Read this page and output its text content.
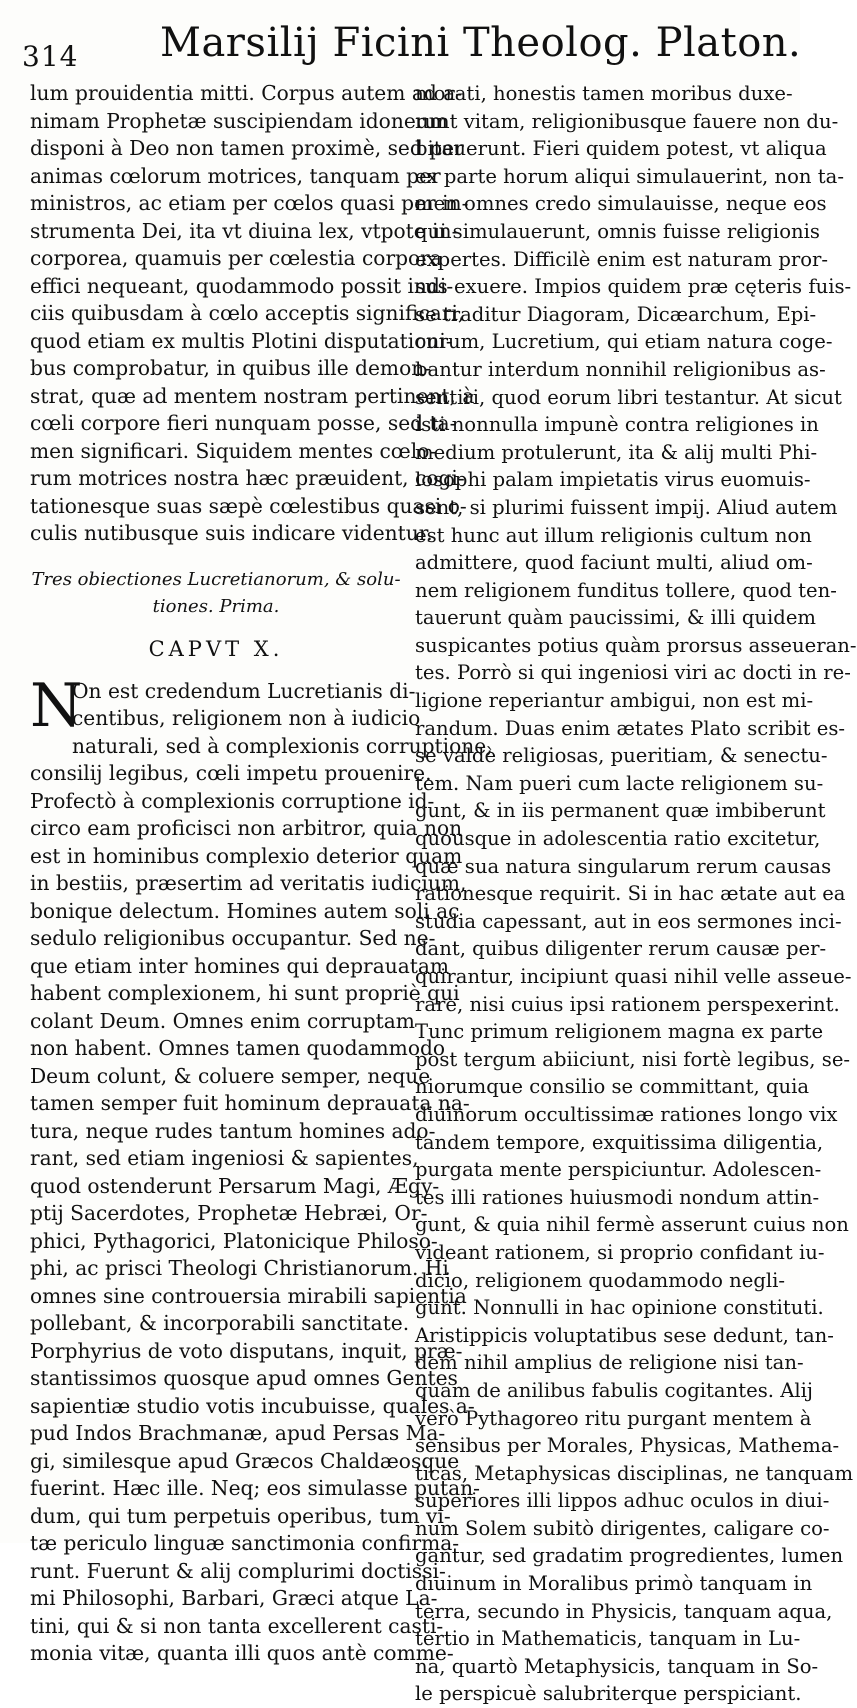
314 Marsilij Ficini Theolog. Platon.
lum prouidentia mitti. Corpus autem ad a-
nimam Prophetæ suscipiendam idoneum
disponi à Deo non tamen proximè, sed per
animas cœlorum motrices, tanquam per
ministros, ac etiam per cœlos quasi per in-
strumenta Dei, ita vt diuina lex, vtpote in-
corporea, quamuis per cœlestia corpora
effici nequeant, quodammodo possit indi-
ciis quibusdam à cœlo acceptis significari,
quod etiam ex multis Plotini disputationi-
bus comprobatur, in quibus ille demon-
strat, quæ ad mentem nostram pertinent, à
cœli corpore fieri nunquam posse, sed ta-
men significari. Siquidem mentes cœlo-
rum motrices nostra hæc præuident, cogi-
tationesque suas sæpè cœlestibus quasi o-
culis nutibusque suis indicare videntur.
Tres obiectiones Lucretianorum, & solu-
tiones. Prima.
CAPVT X.
N
On est credendum Lucretianis di-
centibus, religionem non à iudicio
naturali, sed à complexionis corruptione,
consilij legibus, cœli impetu prouenire.
Profectò à complexionis corruptione id-
circo eam proficisci non arbitror, quia non
est in hominibus complexio deterior quam
in bestiis, præsertim ad veritatis iudicium,
bonique delectum. Homines autem soli ac
sedulo religionibus occupantur. Sed ne-
que etiam inter homines qui deprauatam
habent complexionem, hi sunt propriè qui
colant Deum. Omnes enim corruptam
non habent. Omnes tamen quodammodo
Deum colunt, & coluere semper, neque
tamen semper fuit hominum deprauata na-
tura, neque rudes tantum homines ado-
rant, sed etiam ingeniosi & sapientes,
quod ostenderunt Persarum Magi, Ægy-
ptij Sacerdotes, Prophetæ Hebræi, Or-
phici, Pythagorici, Platonicique Philoso-
phi, ac prisci Theologi Christianorum. Hi
omnes sine controuersia mirabili sapientia
pollebant, & incorporabili sanctitate.
Porphyrius de voto disputans, inquit, præ-
stantissimos quosque apud omnes Gentes
sapientiæ studio votis incubuisse, quales a-
pud Indos Brachmanæ, apud Persas Ma-
gi, similesque apud Græcos Chaldæosque
fuerint. Hæc ille. Neq; eos simulasse putan-
dum, qui tum perpetuis operibus, tum vi-
tæ periculo linguæ sanctimonia confirma-
runt. Fuerunt & alij complurimi doctissi-
mi Philosophi, Barbari, Græci atque La-
tini, qui & si non tanta excellerent casti-
monia vitæ, quanta illi quos antè comme-
morati, honestis tamen moribus duxe-
runt vitam, religionibusque fauere non du-
bitauerunt. Fieri quidem potest, vt aliqua
ex parte horum aliqui simulauerint, non ta-
men omnes credo simulauisse, neque eos
qui simulauerunt, omnis fuisse religionis
expertes. Difficilè enim est naturam pror-
sus exuere. Impios quidem præ cęteris fuis-
se traditur Diagoram, Dicæarchum, Epi-
curum, Lucretium, qui etiam natura coge-
bantur interdum nonnihil religionibus as-
sentiri, quod eorum libri testantur. At sicut
isti nonnulla impunè contra religiones in
medium protulerunt, ita & alij multi Phi-
losophi palam impietatis virus euomuis-
sent, si plurimi fuissent impij. Aliud autem
est hunc aut illum religionis cultum non
admittere, quod faciunt multi, aliud om-
nem religionem funditus tollere, quod ten-
tauerunt quàm paucissimi, & illi quidem
suspicantes potius quàm prorsus asseueran-
tes. Porrò si qui ingeniosi viri ac docti in re-
ligione reperiantur ambigui, non est mi-
randum. Duas enim ætates Plato scribit es-
se valdè religiosas, pueritiam, & senectu-
tem. Nam pueri cum lacte religionem su-
gunt, & in iis permanent quæ imbiberunt
quousque in adolescentia ratio excitetur,
quæ sua natura singularum rerum causas
rationesque requirit. Si in hac ætate aut ea
studia capessant, aut in eos sermones inci-
dant, quibus diligenter rerum causæ per-
quirantur, incipiunt quasi nihil velle asseue-
rare, nisi cuius ipsi rationem perspexerint.
Tunc primum religionem magna ex parte
post tergum abiiciunt, nisi fortè legibus, se-
niorumque consilio se committant, quia
diuinorum occultissimæ rationes longo vix
tandem tempore, exquitissima diligentia,
purgata mente perspiciuntur. Adolescen-
tes illi rationes huiusmodi nondum attin-
gunt, & quia nihil fermè asserunt cuius non
videant rationem, si proprio confidant iu-
dicio, religionem quodammodo negli-
gunt. Nonnulli in hac opinione constituti.
Aristippicis voluptatibus sese dedunt, tan-
dem nihil amplius de religione nisi tan-
quam de anilibus fabulis cogitantes. Alij
verò Pythagoreo ritu purgant mentem à
sensibus per Morales, Physicas, Mathema-
ticas, Metaphysicas disciplinas, ne tanquam
superiores illi lippos adhuc oculos in diui-
num Solem subitò dirigentes, caligare co-
gantur, sed gradatim progredientes, lumen
diuinum in Moralibus primò tanquam in
terra, secundo in Physicis, tanquam aqua,
tertio in Mathematicis, tanquam in Lu-
na, quartò Metaphysicis, tanquam in So-
le perspicuè salubriterque perspiciant.
